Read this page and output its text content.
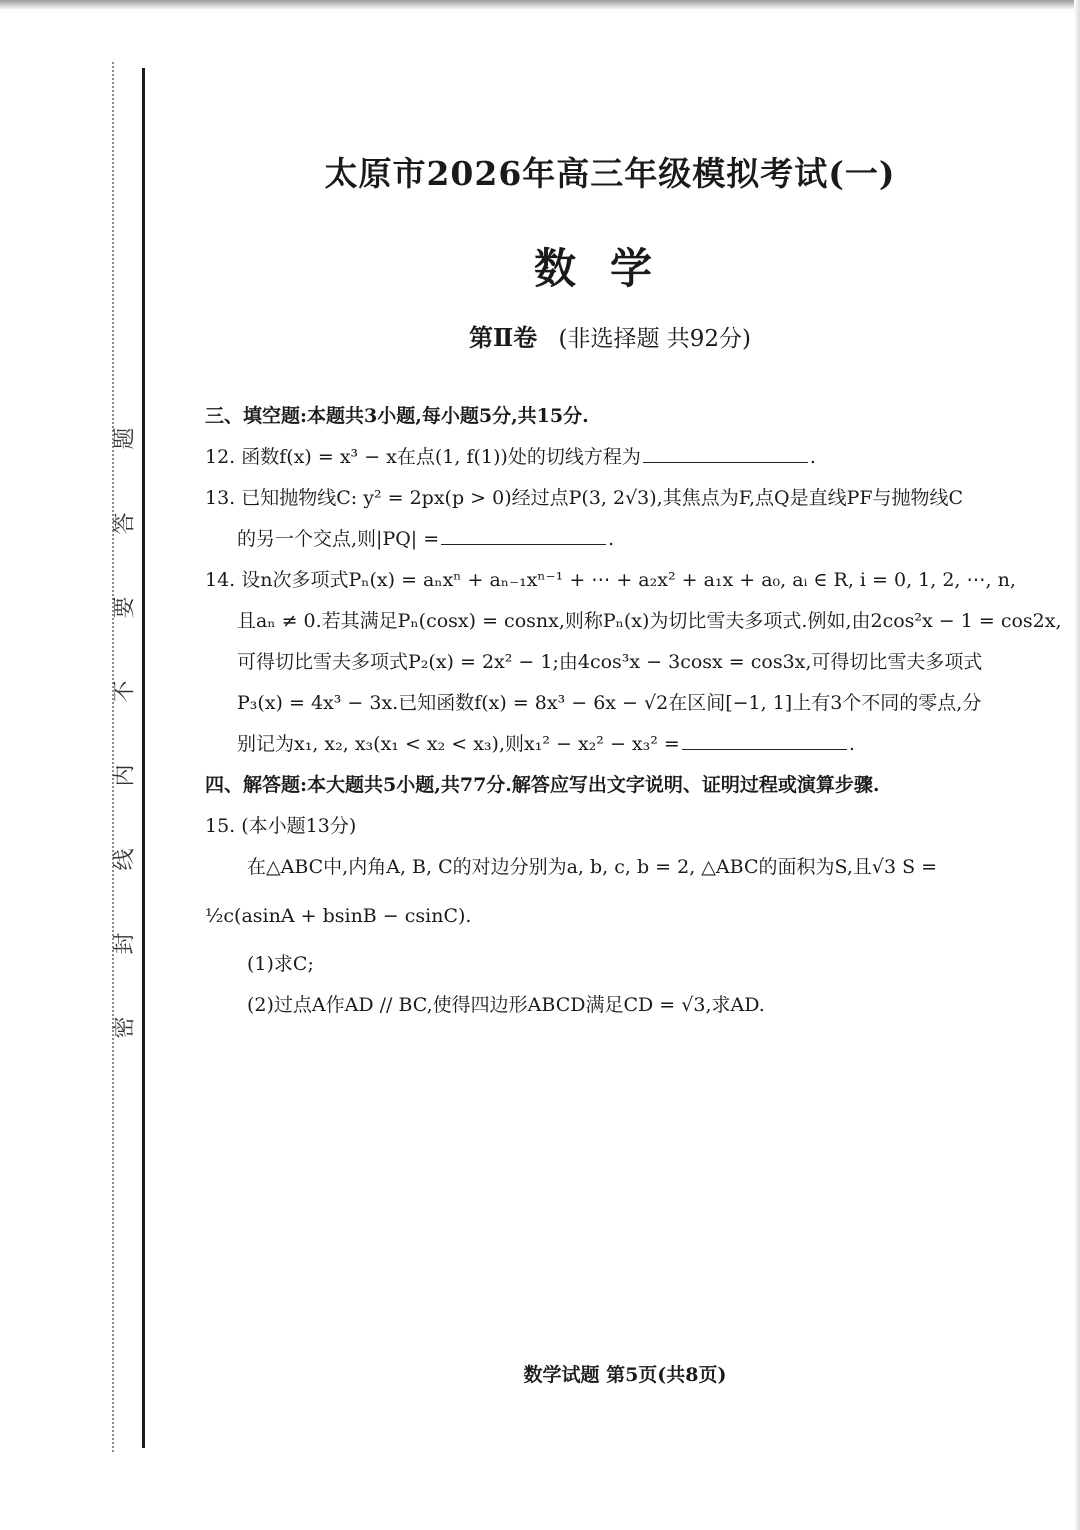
题
答
要
不
内
线
封
密
太原市2026年高三年级模拟考试(一)
数学
第Ⅱ卷 (非选择题 共92分)
三、填空题:本题共3小题,每小题5分,共15分.
12. 函数f(x) = x³ − x在点(1, f(1))处的切线方程为	.
13. 已知抛物线C: y² = 2px(p > 0)经过点P(3, 2√3),其焦点为F,点Q是直线PF与抛物线C
的另一个交点,则|PQ| =	.
14. 设n次多项式Pₙ(x) = aₙxⁿ + aₙ₋₁xⁿ⁻¹ + ⋯ + a₂x² + a₁x + a₀, aᵢ ∈ R, i = 0, 1, 2, ⋯, n,
且aₙ ≠ 0.若其满足Pₙ(cosx) = cosnx,则称Pₙ(x)为切比雪夫多项式.例如,由2cos²x − 1 = cos2x,
可得切比雪夫多项式P₂(x) = 2x² − 1;由4cos³x − 3cosx = cos3x,可得切比雪夫多项式
P₃(x) = 4x³ − 3x.已知函数f(x) = 8x³ − 6x − √2在区间[−1, 1]上有3个不同的零点,分
别记为x₁, x₂, x₃(x₁ < x₂ < x₃),则x₁² − x₂² − x₃² =	.
四、解答题:本大题共5小题,共77分.解答应写出文字说明、证明过程或演算步骤.
15. (本小题13分)
在△ABC中,内角A, B, C的对边分别为a, b, c, b = 2, △ABC的面积为S,且√3 S =
½c(asinA + bsinB − csinC).
(1)求C;
(2)过点A作AD // BC,使得四边形ABCD满足CD = √3,求AD.
数学试题 第5页(共8页)
